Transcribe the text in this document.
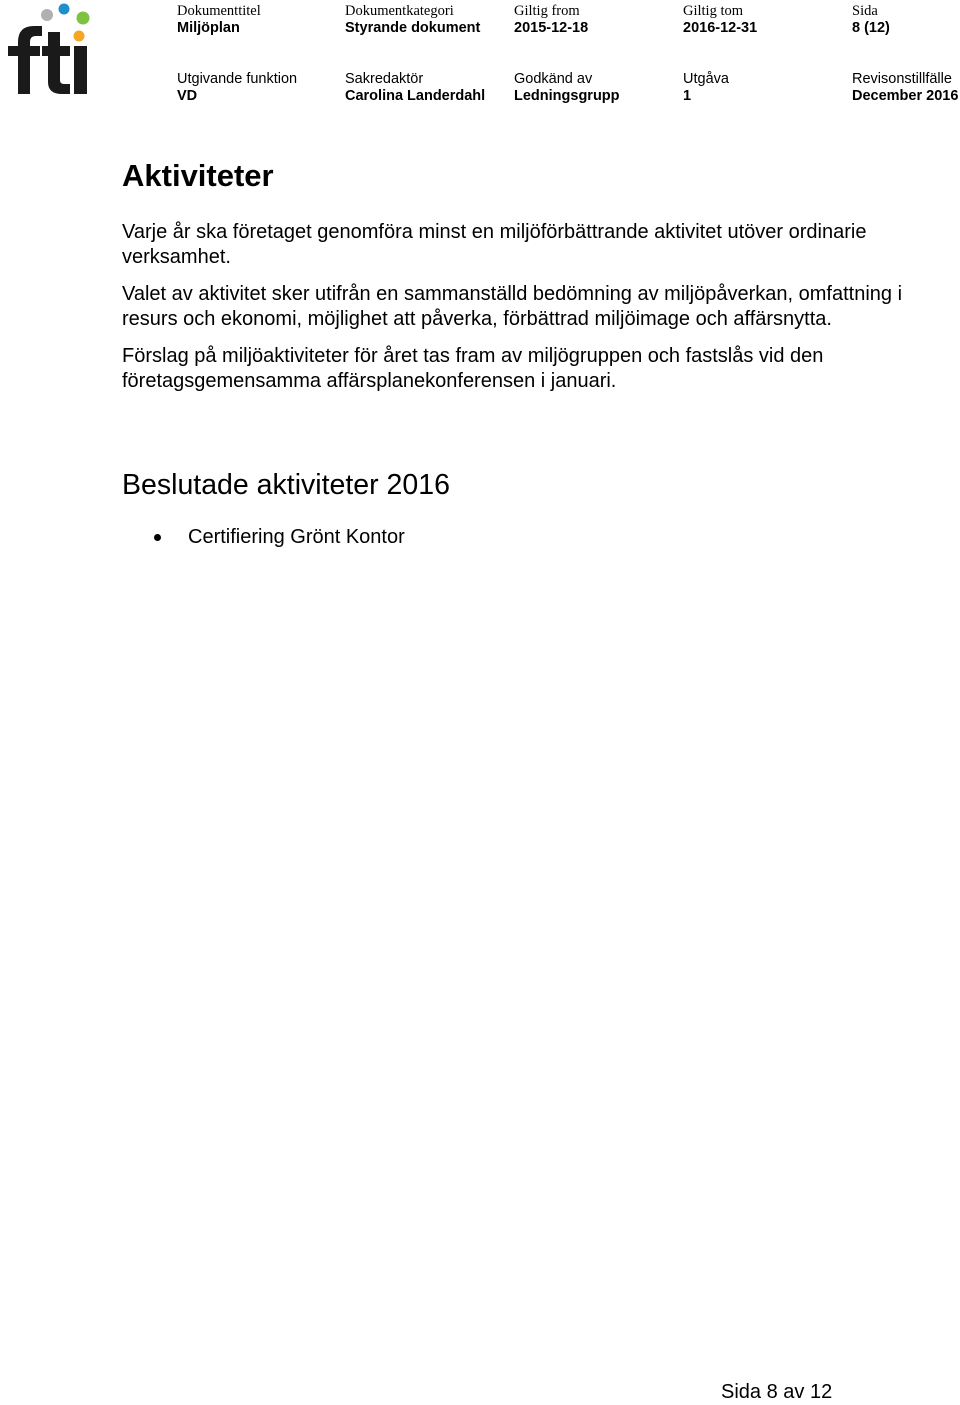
Dokumenttitel
Miljöplan
Dokumentkategori
Styrande dokument
Giltig from
2015-12-18
Giltig tom
2016-12-31
Sida
8 (12)
Utgivande funktion
VD
Sakredaktör
Carolina Landerdahl
Godkänd av
Ledningsgrupp
Utgåva
1
Revisonstillfälle
December 2016
Aktiviteter

Varje år ska företaget genomföra minst en miljöförbättrande aktivitet utöver ordinarie verksamhet.

Valet av aktivitet sker utifrån en sammanställd bedömning av miljöpåverkan, omfattning i resurs och ekonomi, möjlighet att påverka, förbättrad miljöimage och affärsnytta.

Förslag på miljöaktiviteter för året tas fram av miljögruppen och fastslås vid den företagsgemensamma affärsplanekonferensen i januari.

Beslutade aktiviteter 2016
Certifiering Grönt Kontor
Sida 8 av 12
